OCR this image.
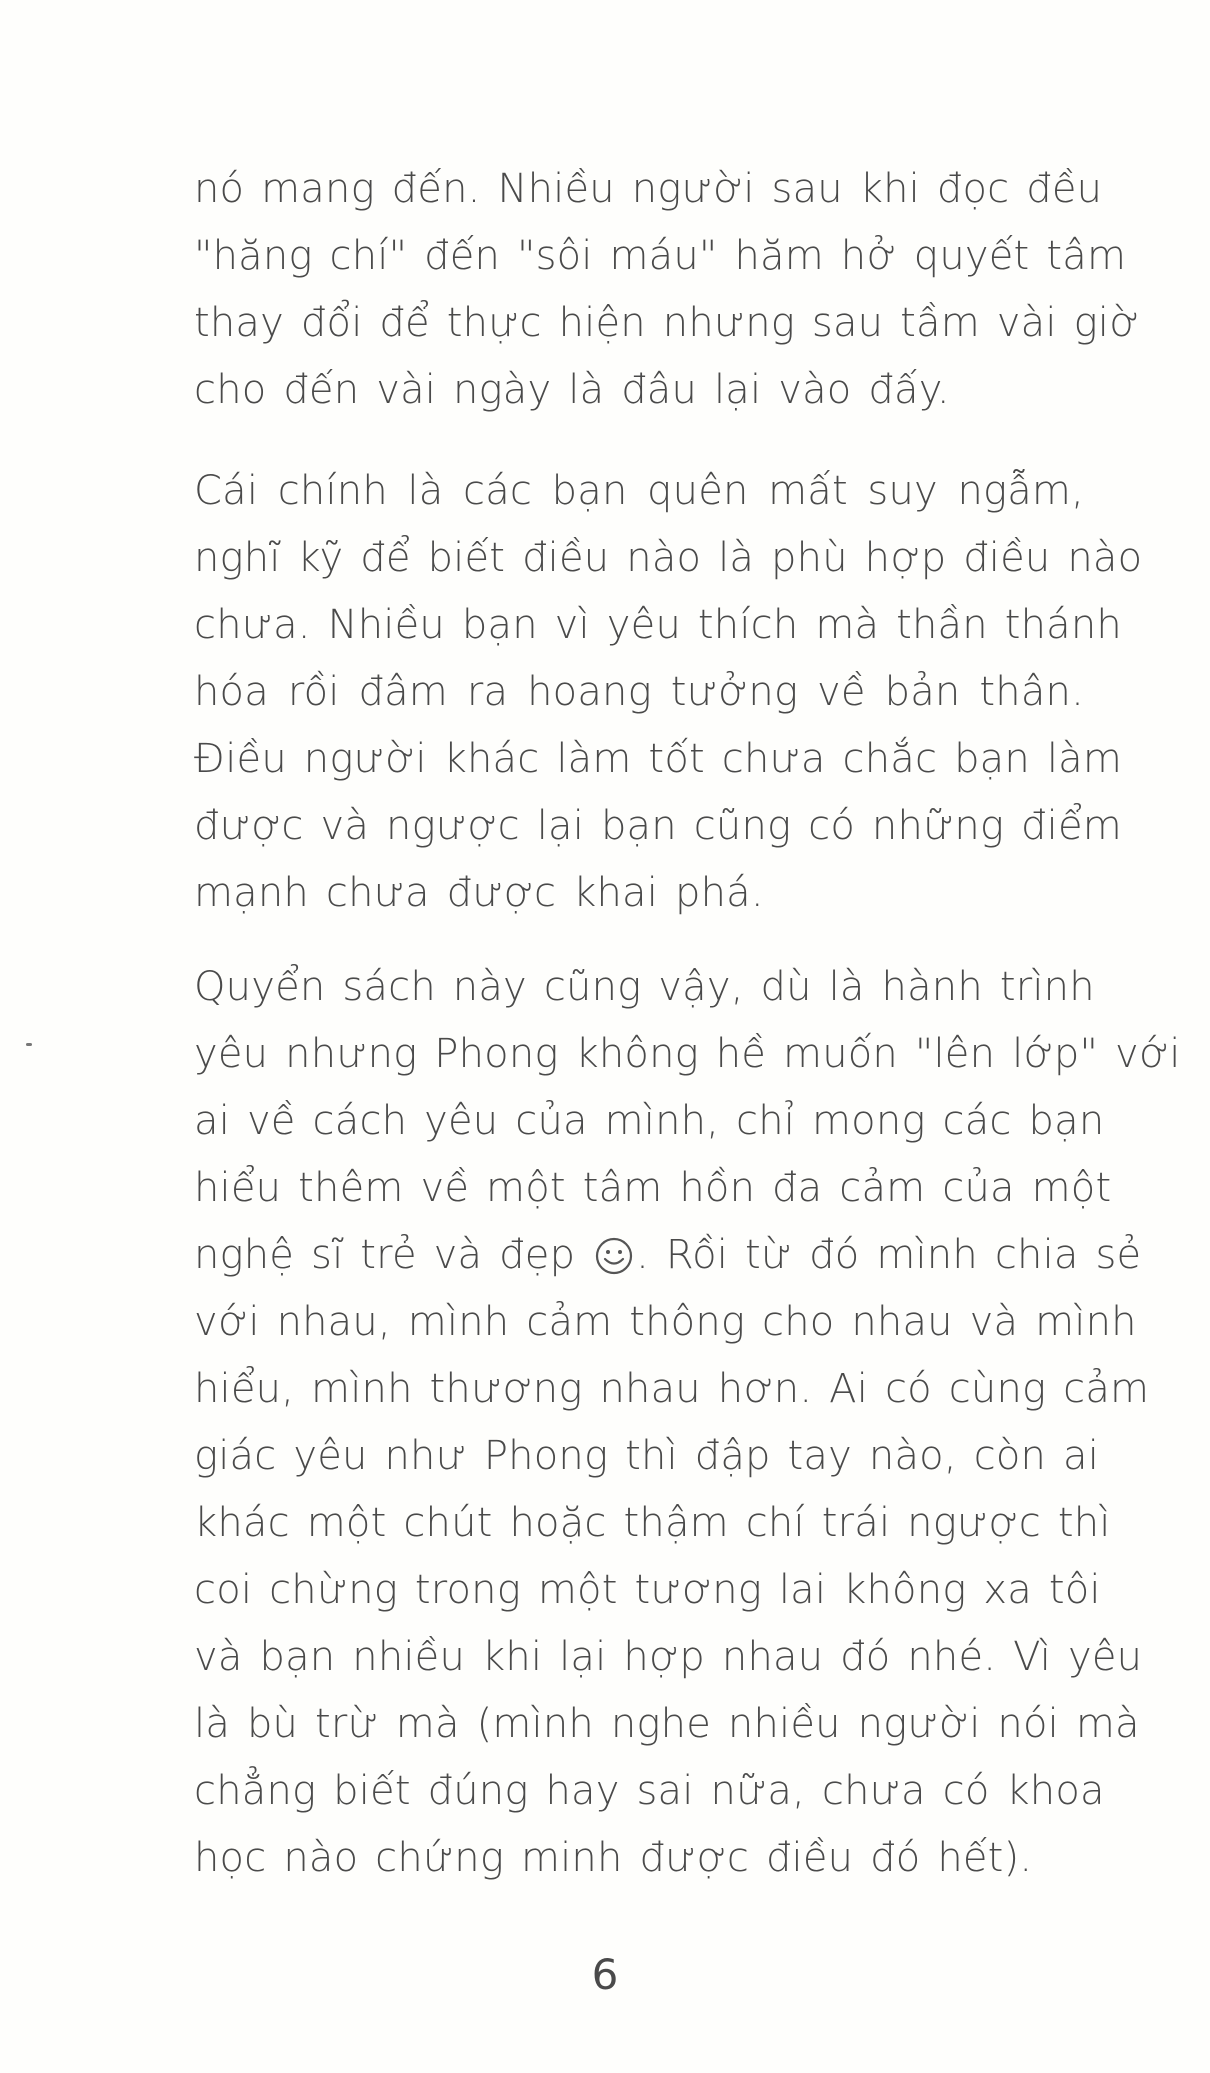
nó mang đến. Nhiều người sau khi đọc đều
"hăng chí" đến "sôi máu" hăm hở quyết tâm
thay đổi để thực hiện nhưng sau tầm vài giờ
cho đến vài ngày là đâu lại vào đấy.
Cái chính là các bạn quên mất suy ngẫm,
nghĩ kỹ để biết điều nào là phù hợp điều nào
chưa. Nhiều bạn vì yêu thích mà thần thánh
hóa rồi đâm ra hoang tưởng về bản thân.
Điều người khác làm tốt chưa chắc bạn làm
được và ngược lại bạn cũng có những điểm
mạnh chưa được khai phá.
Quyển sách này cũng vậy, dù là hành trình
yêu nhưng Phong không hề muốn "lên lớp" với
ai về cách yêu của mình, chỉ mong các bạn
hiểu thêm về một tâm hồn đa cảm của một
nghệ sĩ trẻ và đẹp . Rồi từ đó mình chia sẻ
với nhau, mình cảm thông cho nhau và mình
hiểu, mình thương nhau hơn. Ai có cùng cảm
giác yêu như Phong thì đập tay nào, còn ai
khác một chút hoặc thậm chí trái ngược thì
coi chừng trong một tương lai không xa tôi
và bạn nhiều khi lại hợp nhau đó nhé. Vì yêu
là bù trừ mà (mình nghe nhiều người nói mà
chẳng biết đúng hay sai nữa, chưa có khoa
học nào chứng minh được điều đó hết).
6
